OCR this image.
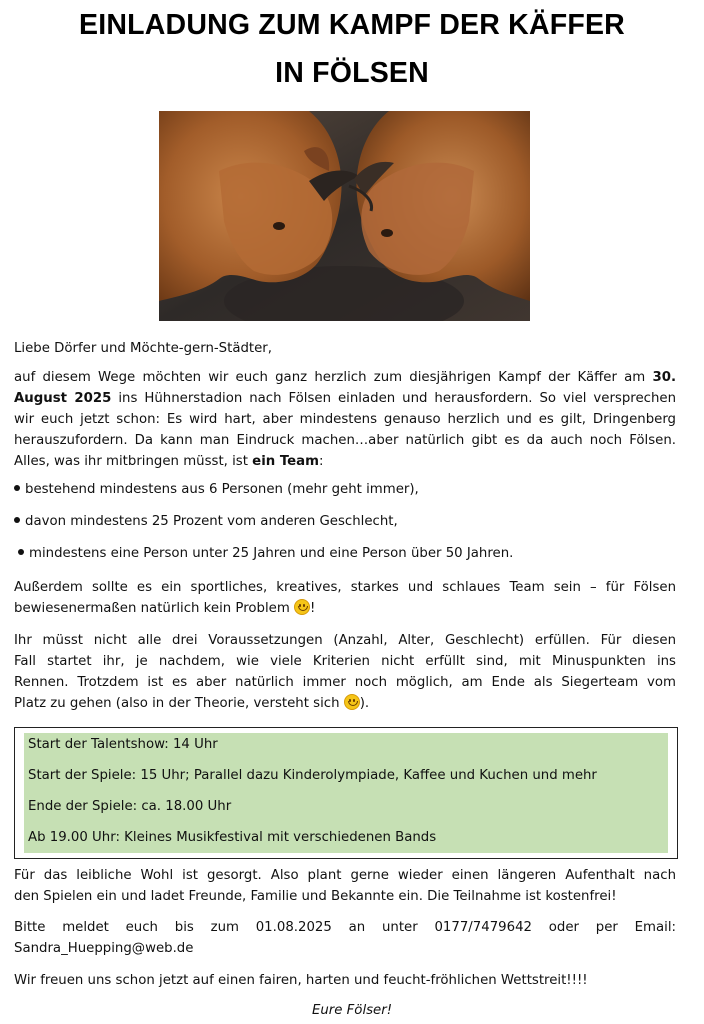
EINLADUNG ZUM KAMPF DER KÄFFER
IN FÖLSEN
Liebe Dörfer und Möchte-gern-Städter,
auf diesem Wege möchten wir euch ganz herzlich zum diesjährigen Kampf der Käffer am 30.
August 2025 ins Hühnerstadion nach Fölsen einladen und herausfordern. So viel versprechen
wir euch jetzt schon: Es wird hart, aber mindestens genauso herzlich und es gilt, Dringenberg
herauszufordern. Da kann man Eindruck machen…aber natürlich gibt es da auch noch Fölsen.
Alles, was ihr mitbringen müsst, ist ein Team:
bestehend mindestens aus 6 Personen (mehr geht immer),
davon mindestens 25 Prozent vom anderen Geschlecht,
mindestens eine Person unter 25 Jahren und eine Person über 50 Jahren.
Außerdem sollte es ein sportliches, kreatives, starkes und schlaues Team sein – für Fölsen
bewiesenermaßen natürlich kein Problem
!
Ihr müsst nicht alle drei Voraussetzungen (Anzahl, Alter, Geschlecht) erfüllen. Für diesen
Fall startet ihr, je nachdem, wie viele Kriterien nicht erfüllt sind, mit Minuspunkten ins
Rennen. Trotzdem ist es aber natürlich immer noch möglich, am Ende als Siegerteam vom
Platz zu gehen (also in der Theorie, versteht sich
).
Start der Talentshow: 14 Uhr
Start der Spiele: 15 Uhr; Parallel dazu Kinderolympiade, Kaffee und Kuchen und mehr
Ende der Spiele: ca. 18.00 Uhr
Ab 19.00 Uhr: Kleines Musikfestival mit verschiedenen Bands
Für das leibliche Wohl ist gesorgt. Also plant gerne wieder einen längeren Aufenthalt nach
den Spielen ein und ladet Freunde, Familie und Bekannte ein. Die Teilnahme ist kostenfrei!
Bitte meldet euch bis zum 01.08.2025 an unter 0177/7479642 oder per Email:
Sandra_Huepping@web.de
Wir freuen uns schon jetzt auf einen fairen, harten und feucht-fröhlichen Wettstreit!!!!
Eure Fölser!
